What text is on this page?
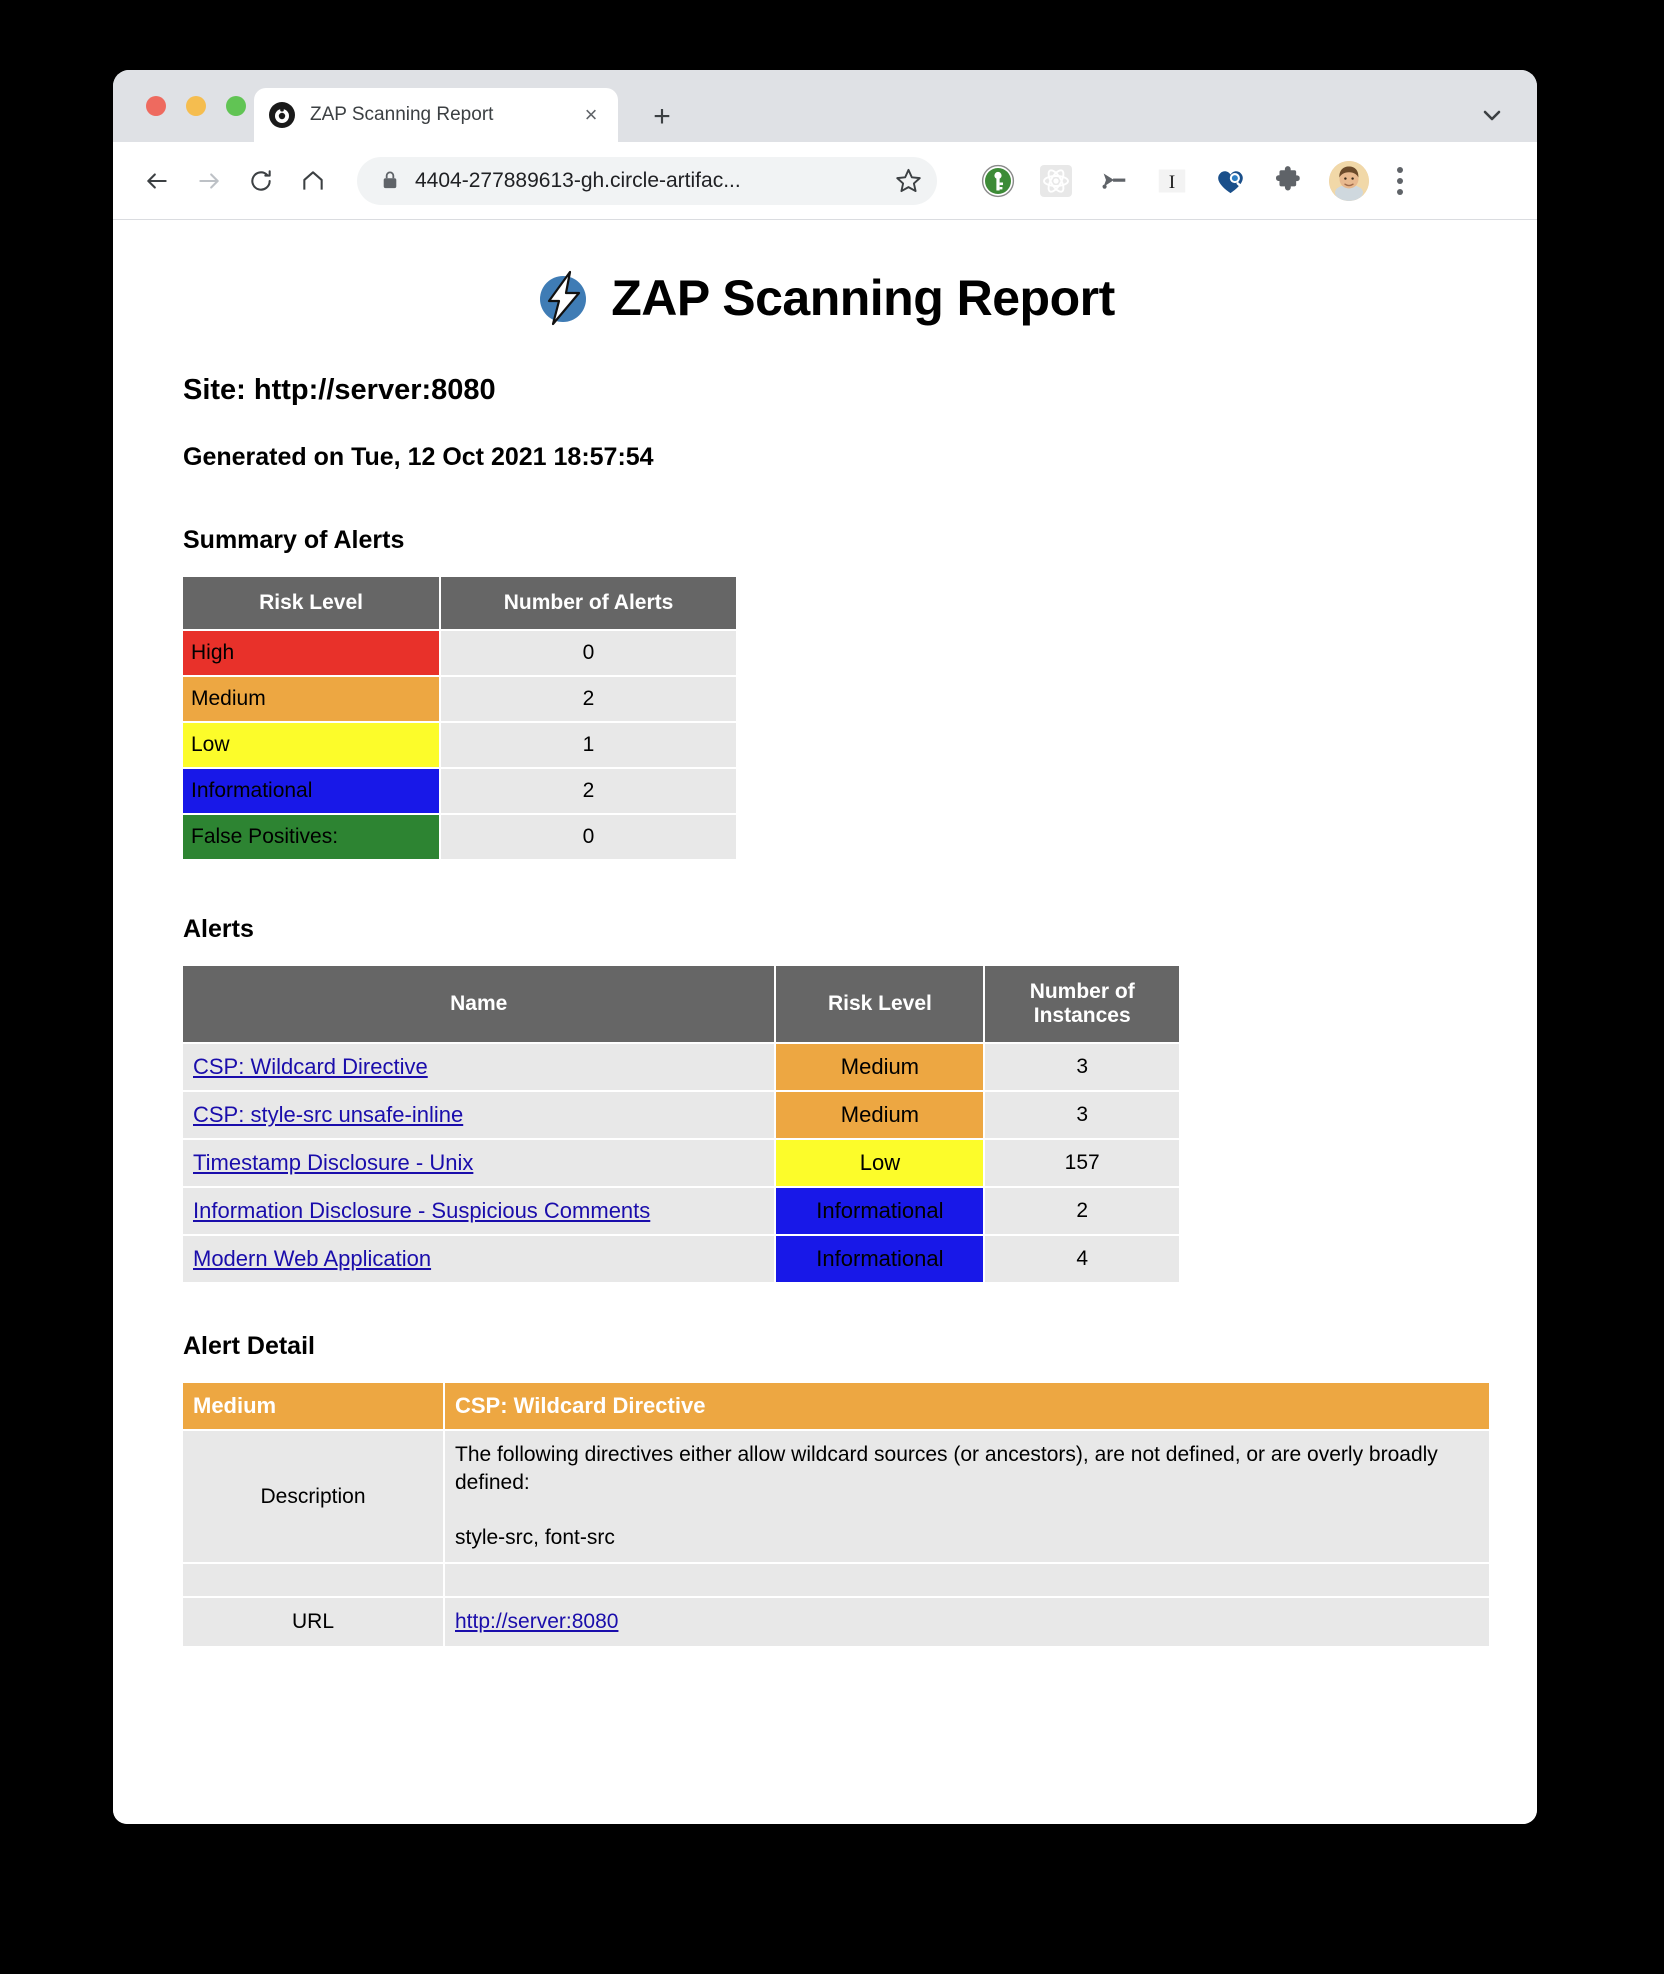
ZAP Scanning Report	× +
4404-277889613-gh.circle-artifac...	I
ZAP Scanning Report
Site: http://server:8080
Generated on Tue, 12 Oct 2021 18:57:54
Summary of Alerts
Risk Level	Number of Alerts
High	0
Medium	2
Low	1
Informational	2
False Positives:	0
Alerts
Name	Risk Level	Number of
Instances
CSP: Wildcard Directive	Medium	3
CSP: style-src unsafe-inline	Medium	3
Timestamp Disclosure - Unix	Low	157
Information Disclosure - Suspicious Comments	Informational	2
Modern Web Application	Informational	4
Alert Detail
Medium	CSP: Wildcard Directive
Description	The following directives either allow wildcard sources (or ancestors), are not defined, or are overly broadly defined:
style-src, font-src

URL	http://server:8080
